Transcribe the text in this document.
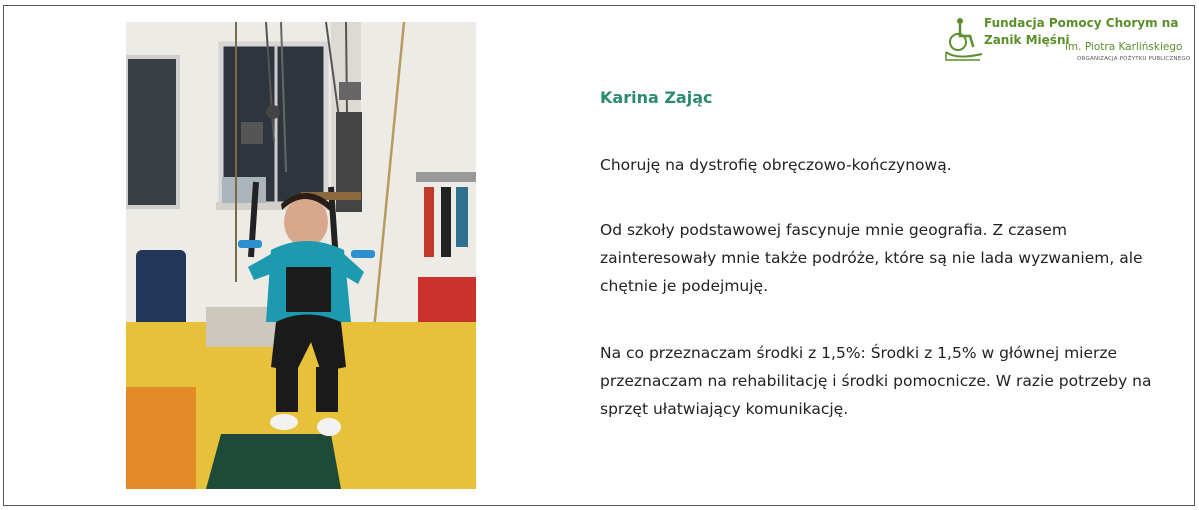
Fundacja Pomocy Chorym na
Zanik Mięśni
im. Piotra Karlińskiego
ORGANIZACJA POŻYTKU PUBLICZNEGO
Karina Zając

Choruję na dystrofię obręczowo-kończynową.

Od szkoły podstawowej fascynuje mnie geografia. Z czasem zainteresowały mnie także podróże, które są nie lada wyzwaniem, ale chętnie je podejmuję.

Na co przeznaczam środki z 1,5%: Środki z 1,5% w głównej mierze przeznaczam na rehabilitację i środki pomocnicze. W razie potrzeby na sprzęt ułatwiający komunikację.
